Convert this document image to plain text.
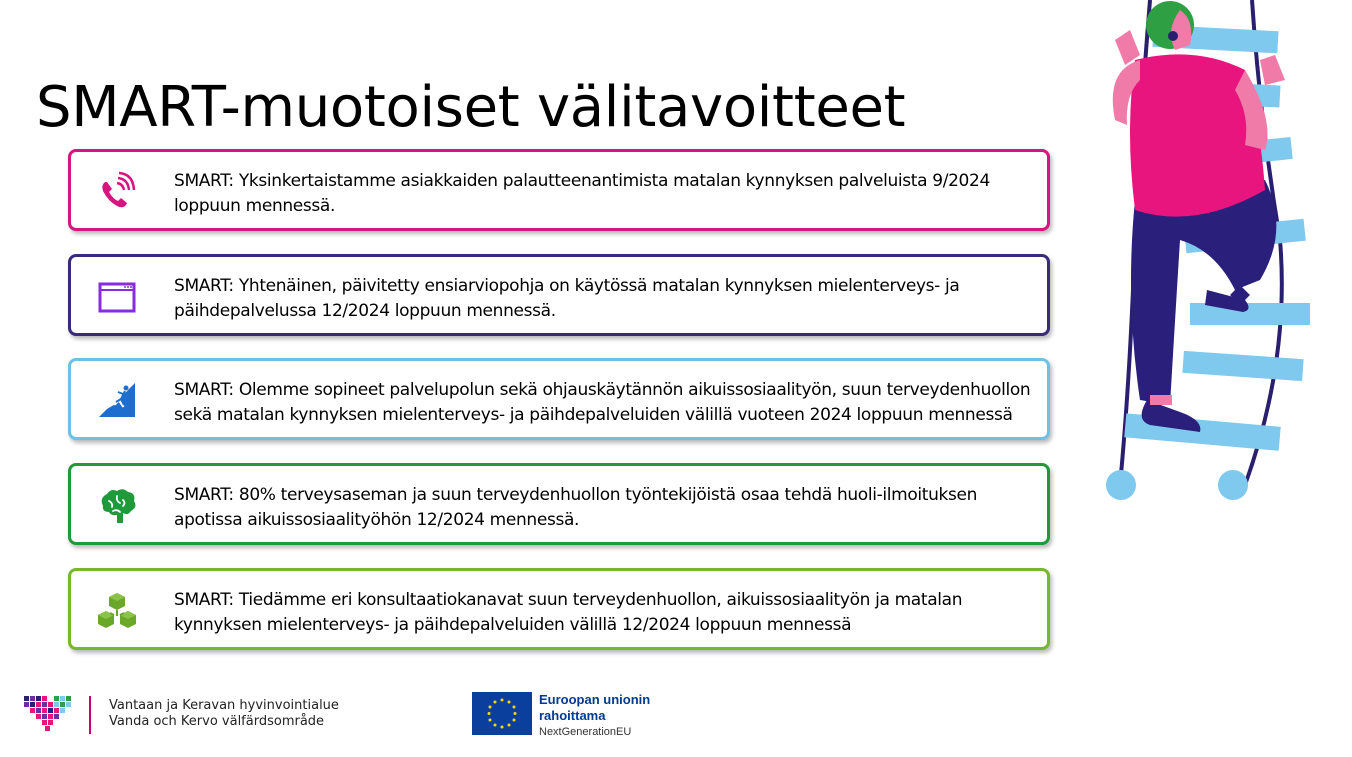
SMART-muotoiset välitavoitteet
SMART: Yksinkertaistamme asiakkaiden palautteenantimista matalan kynnyksen palveluista 9/2024 loppuun mennessä.
SMART: Yhtenäinen, päivitetty ensiarviopohja on käytössä matalan kynnyksen mielenterveys- ja päihdepalvelussa 12/2024 loppuun mennessä.
SMART: Olemme sopineet palvelupolun sekä ohjauskäytännön aikuissosiaalityön, suun terveydenhuollon sekä matalan kynnyksen mielenterveys- ja päihdepalveluiden välillä vuoteen 2024 loppuun mennessä
SMART: 80% terveysaseman ja suun terveydenhuollon työntekijöistä osaa tehdä huoli-ilmoituksen apotissa aikuissosiaalityöhön 12/2024 mennessä.
SMART: Tiedämme eri konsultaatiokanavat suun terveydenhuollon, aikuissosiaalityön ja matalan kynnyksen mielenterveys- ja päihdepalveluiden välillä 12/2024 loppuun mennessä
Vantaan ja Keravan hyvinvointialue
Vanda och Kervo välfärdsområde
Euroopan unionin
rahoittama
NextGenerationEU
